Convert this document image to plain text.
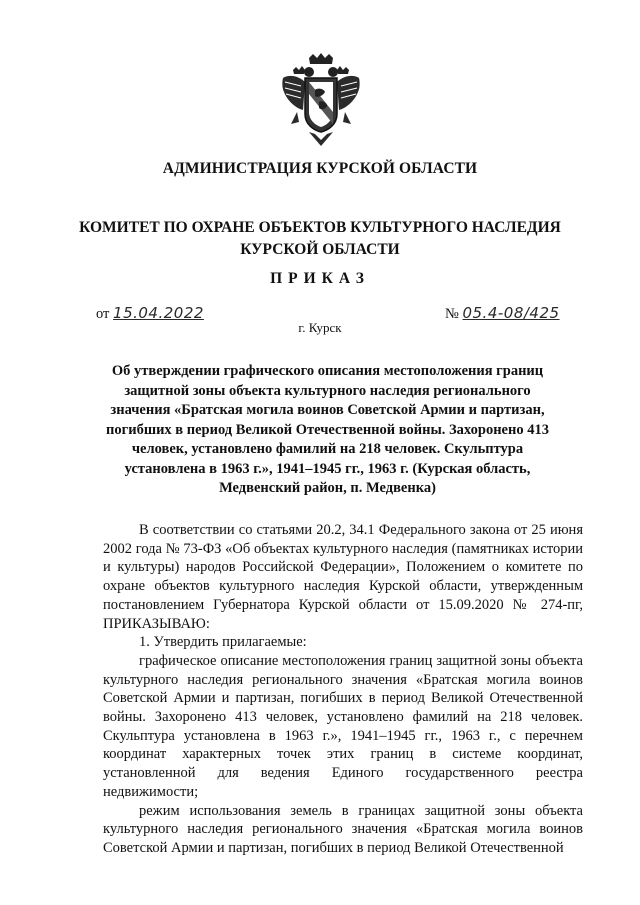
АДМИНИСТРАЦИЯ КУРСКОЙ ОБЛАСТИ
КОМИТЕТ ПО ОХРАНЕ ОБЪЕКТОВ КУЛЬТУРНОГО НАСЛЕДИЯ
КУРСКОЙ ОБЛАСТИ
ПРИКАЗ
от 15.04.2022	№ 05.4-08/425
г. Курск
Об утверждении графического описания местоположения границ защитной зоны объекта культурного наследия регионального значения «Братская могила воинов Советской Армии и партизан, погибших в период Великой Отечественной войны. Захоронено 413 человек, установлено фамилий на 218 человек. Скульптура установлена в 1963 г.», 1941–1945 гг., 1963 г. (Курская область, Медвенский район, п. Медвенка)

В соответствии со статьями 20.2, 34.1 Федерального закона от 25 июня 2002 года № 73-ФЗ «Об объектах культурного наследия (памятниках истории и культуры) народов Российской Федерации», Положением о комитете по охране объектов культурного наследия Курской области, утвержденным постановлением Губернатора Курской области от 15.09.2020 № 274-пг, ПРИКАЗЫВАЮ:

1. Утвердить прилагаемые:

графическое описание местоположения границ защитной зоны объекта культурного наследия регионального значения «Братская могила воинов Советской Армии и партизан, погибших в период Великой Отечественной войны. Захоронено 413 человек, установлено фамилий на 218 человек. Скульптура установлена в 1963 г.», 1941–1945 гг., 1963 г., с перечнем координат характерных точек этих границ в системе координат, установленной для ведения Единого государственного реестра недвижимости;

режим использования земель в границах защитной зоны объекта культурного наследия регионального значения «Братская могила воинов Советской Армии и партизан, погибших в период Великой Отечественной
